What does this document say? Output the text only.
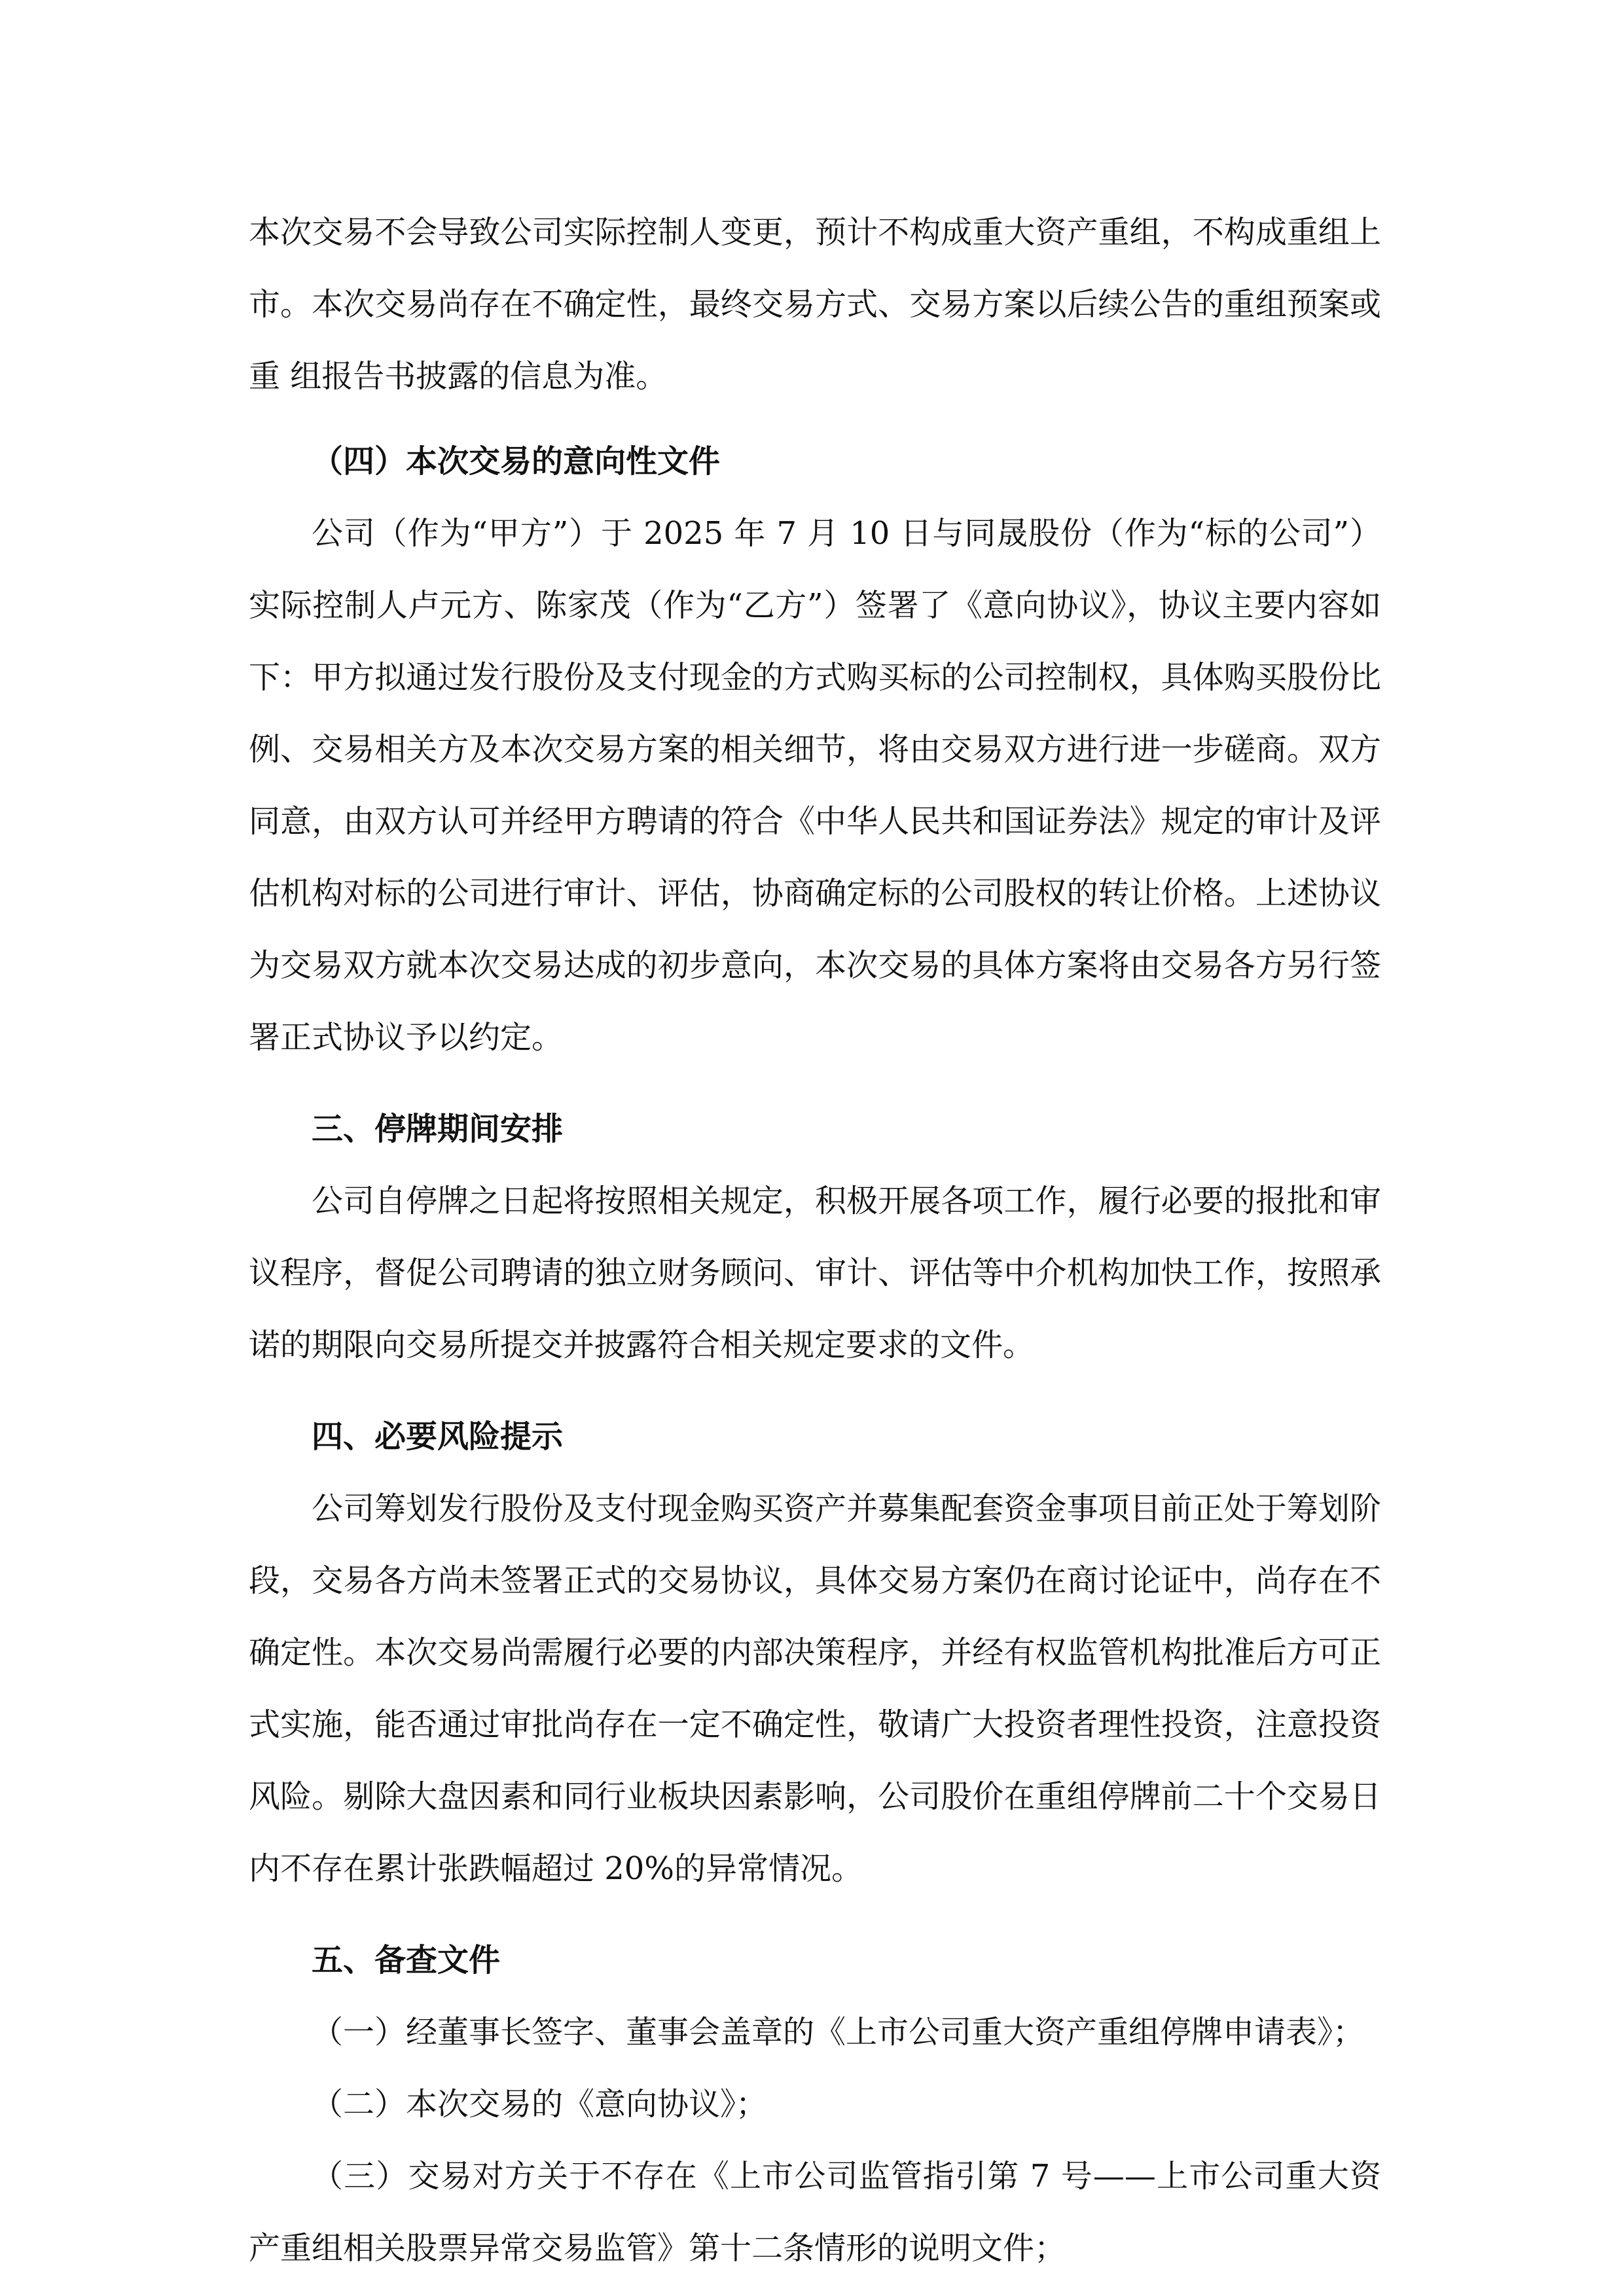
本次交易不会导致公司实际控制人变更，预计不构成重大资产重组，不构成重组上市。本次交易尚存在不确定性，最终交易方式、交易方案以后续公告的重组预案或重 组报告书披露的信息为准。

（四）本次交易的意向性文件

公司（作为“甲方”）于 2025 年 7 月 10 日与同晟股份（作为“标的公司”）实际控制人卢元方、陈家茂（作为“乙方”）签署了《意向协议》，协议主要内容如下：甲方拟通过发行股份及支付现金的方式购买标的公司控制权，具体购买股份比例、交易相关方及本次交易方案的相关细节，将由交易双方进行进一步磋商。双方同意，由双方认可并经甲方聘请的符合《中华人民共和国证券法》规定的审计及评估机构对标的公司进行审计、评估，协商确定标的公司股权的转让价格。上述协议为交易双方就本次交易达成的初步意向，本次交易的具体方案将由交易各方另行签署正式协议予以约定。

三、停牌期间安排

公司自停牌之日起将按照相关规定，积极开展各项工作，履行必要的报批和审议程序，督促公司聘请的独立财务顾问、审计、评估等中介机构加快工作，按照承诺的期限向交易所提交并披露符合相关规定要求的文件。

四、必要风险提示

公司筹划发行股份及支付现金购买资产并募集配套资金事项目前正处于筹划阶段，交易各方尚未签署正式的交易协议，具体交易方案仍在商讨论证中，尚存在不确定性。本次交易尚需履行必要的内部决策程序，并经有权监管机构批准后方可正式实施，能否通过审批尚存在一定不确定性，敬请广大投资者理性投资，注意投资风险。剔除大盘因素和同行业板块因素影响，公司股价在重组停牌前二十个交易日内不存在累计张跌幅超过 20%的异常情况。

五、备查文件

（一）经董事长签字、董事会盖章的《上市公司重大资产重组停牌申请表》；

（二）本次交易的《意向协议》；

（三）交易对方关于不存在《上市公司监管指引第 7 号——上市公司重大资产重组相关股票异常交易监管》第十二条情形的说明文件；
